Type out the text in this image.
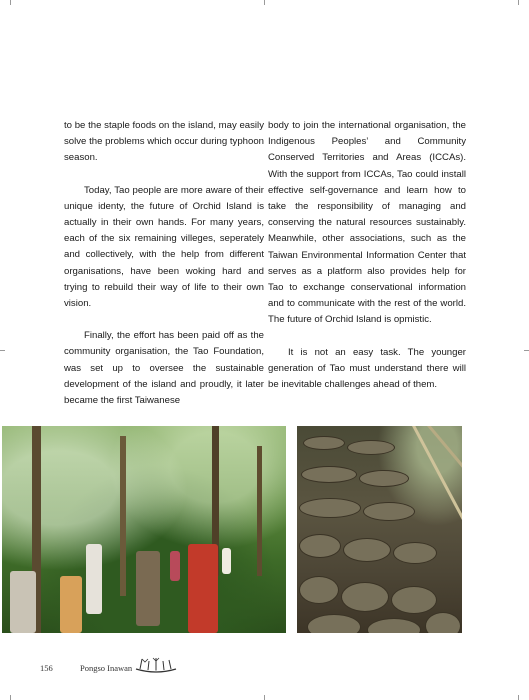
to be the staple foods on the island, may easily solve the problems which occur during typhoon season.

Today, Tao people are more aware of their unique identy, the future of Orchid Island is actually in their own hands. For many years, each of the six remaining villeges, seperately and collectively, with the help from different organisations, have been woking hard and trying to rebuild their way of life to their own vision.

Finally, the effort has been paid off as the community organisation, the Tao Foundation, was set up to oversee the sustainable development of the island and proudly, it later became the first Taiwanese

body to join the international organisation, the Indigenous Peoples’ and Community Conserved Territories and Areas (ICCAs). With the support from ICCAs, Tao could install effective self-governance and learn how to take the responsibility of managing and conserving the natural resources sustainably. Meanwhile, other associations, such as the Taiwan Environmental Information Center that serves as a platform also provides help for Tao to exchange conservational information and to communicate with the rest of the world. The future of Orchid Island is opmistic.

It is not an easy task. The younger generation of Tao must understand there will be inevitable challenges ahead of them.

156	Pongso Inawan
